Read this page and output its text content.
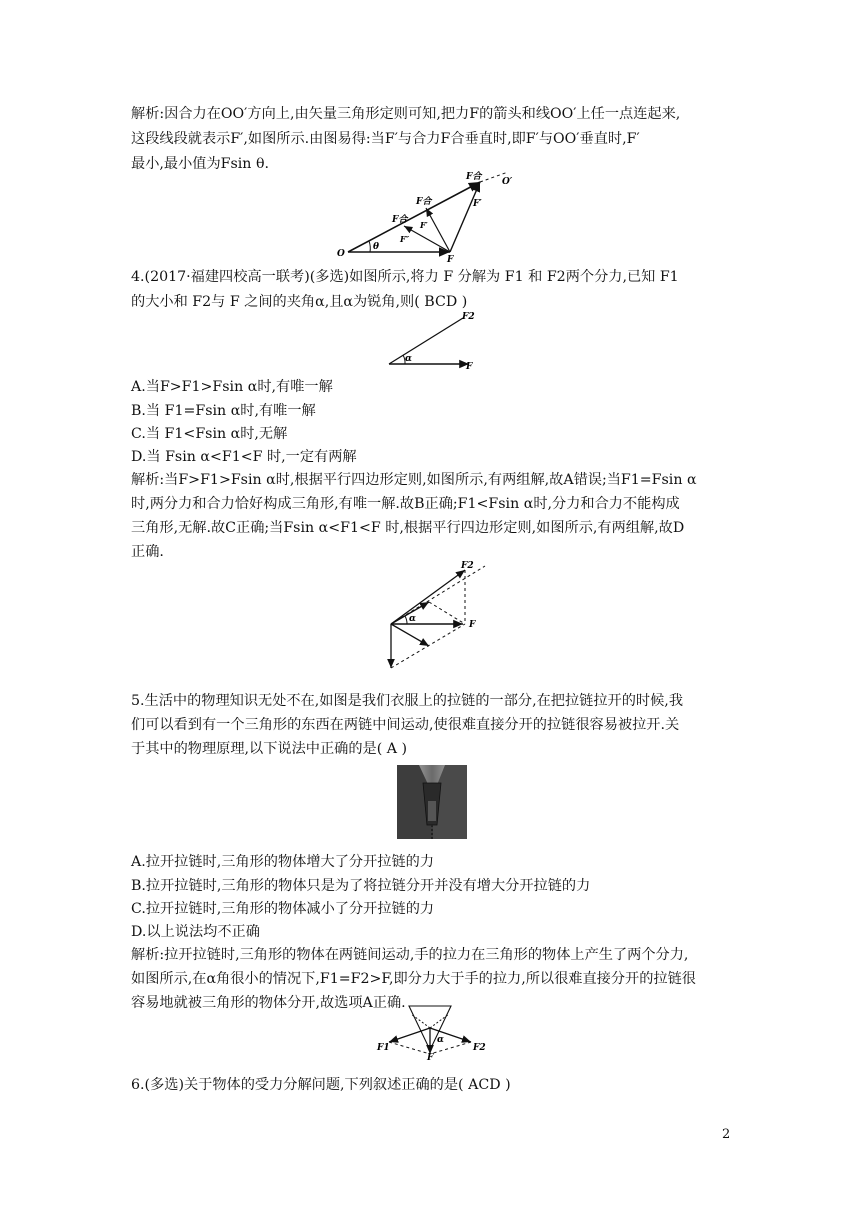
解析:因合力在OO′方向上,由矢量三角形定则可知,把力F的箭头和线OO′上任一点连起来,
这段线段就表示F′,如图所示.由图易得:当F′与合力F合垂直时,即F′与OO′垂直时,F′
最小,最小值为Fsin θ.
F合 O′
F′
F合
F合 F′
F″
O
θ
F
4.(2017·福建四校高一联考)(多选)如图所示,将力 F 分解为 F1 和 F2两个分力,已知 F1
的大小和 F2与 F 之间的夹角α,且α为锐角,则( BCD )
F2
α
F
A.当F>F1>Fsin α时,有唯一解
B.当 F1=Fsin α时,有唯一解
C.当 F1<Fsin α时,无解
D.当 Fsin α<F1<F 时,一定有两解
解析:当F>F1>Fsin α时,根据平行四边形定则,如图所示,有两组解,故A错误;当F1=Fsin α
时,两分力和合力恰好构成三角形,有唯一解.故B正确;F1<Fsin α时,分力和合力不能构成
三角形,无解.故C正确;当Fsin α<F1<F 时,根据平行四边形定则,如图所示,有两组解,故D
正确.
F2
α
F
5.生活中的物理知识无处不在,如图是我们衣服上的拉链的一部分,在把拉链拉开的时候,我
们可以看到有一个三角形的东西在两链中间运动,使很难直接分开的拉链很容易被拉开.关
于其中的物理原理,以下说法中正确的是( A )
A.拉开拉链时,三角形的物体增大了分开拉链的力
B.拉开拉链时,三角形的物体只是为了将拉链分开并没有增大分开拉链的力
C.拉开拉链时,三角形的物体减小了分开拉链的力
D.以上说法均不正确
解析:拉开拉链时,三角形的物体在两链间运动,手的拉力在三角形的物体上产生了两个分力,
如图所示,在α角很小的情况下,F1=F2>F,即分力大于手的拉力,所以很难直接分开的拉链很
容易地就被三角形的物体分开,故选项A正确.
F1	F2
F
α
6.(多选)关于物体的受力分解问题,下列叙述正确的是( ACD )
2
